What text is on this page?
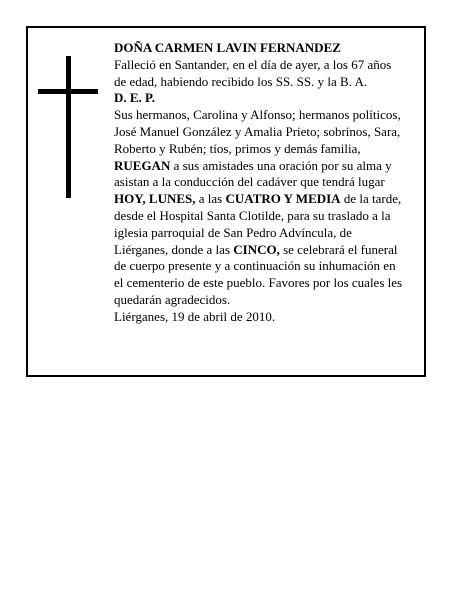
DOÑA CARMEN LAVIN FERNANDEZ
Falleció en Santander, en el día de ayer, a los 67 años
de edad, habiendo recibido los SS. SS. y la B. A.
D. E. P.
Sus hermanos, Carolina y Alfonso; hermanos políticos,
José Manuel González y Amalia Prieto; sobrinos, Sara,
Roberto y Rubén; tíos, primos y demás familia,
RUEGAN a sus amistades una oración por su alma y
asistan a la conducción del cadáver que tendrá lugar
HOY, LUNES, a las CUATRO Y MEDIA de la tarde,
desde el Hospital Santa Clotilde, para su traslado a la
iglesia parroquial de San Pedro Advíncula, de
Liérganes, donde a las CINCO, se celebrará el funeral
de cuerpo presente y a continuación su inhumación en
el cementerio de este pueblo. Favores por los cuales les
quedarán agradecidos.
Liérganes, 19 de abril de 2010.
